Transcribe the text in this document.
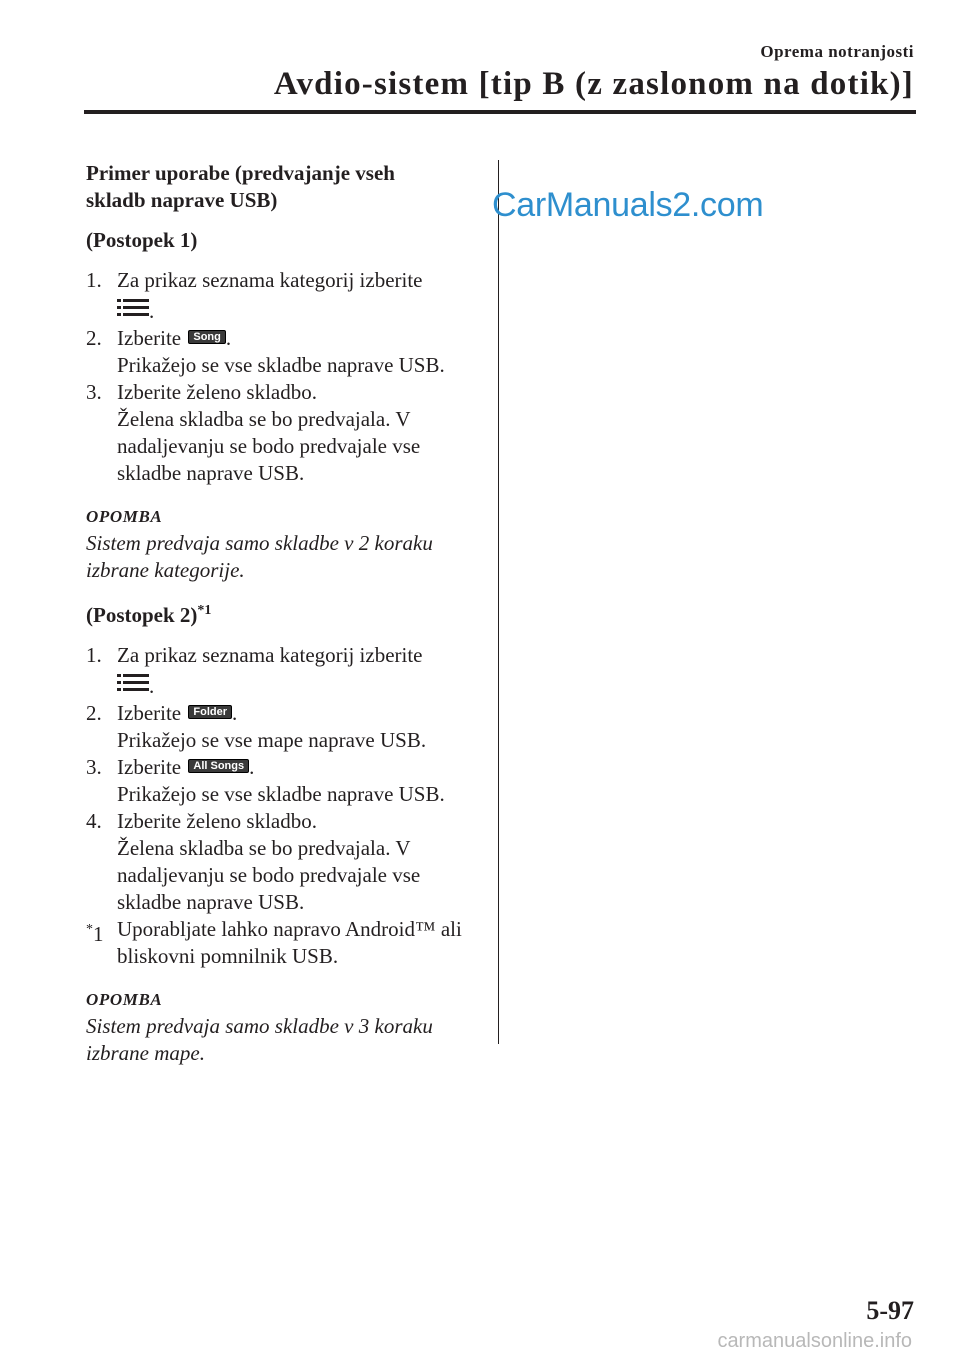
Oprema notranjosti
Avdio-sistem [tip B (z zaslonom na dotik)]
CarManuals2.com
Primer uporabe (predvajanje vseh
skladb naprave USB)
(Postopek 1)
1. Za prikaz seznama kategorij izberite
.
2. Izberite Song .
Prikažejo se vse skladbe naprave USB.
3. Izberite želeno skladbo.
Želena skladba se bo predvajala. V nadaljevanju se bodo predvajale vse skladbe naprave USB.
OPOMBA
Sistem predvaja samo skladbe v 2 koraku izbrane kategorije.
(Postopek 2)$^{*1}$
1. Za prikaz seznama kategorij izberite
.
2. Izberite Folder .
Prikažejo se vse mape naprave USB.
3. Izberite All Songs .
Prikažejo se vse skladbe naprave USB.
4. Izberite želeno skladbo.
Želena skladba se bo predvajala. V nadaljevanju se bodo predvajale vse skladbe naprave USB.
*1 Uporabljate lahko napravo Android™ ali bliskovni pomnilnik USB.
OPOMBA
Sistem predvaja samo skladbe v 3 koraku izbrane mape.
5-97
carmanualsonline.info
